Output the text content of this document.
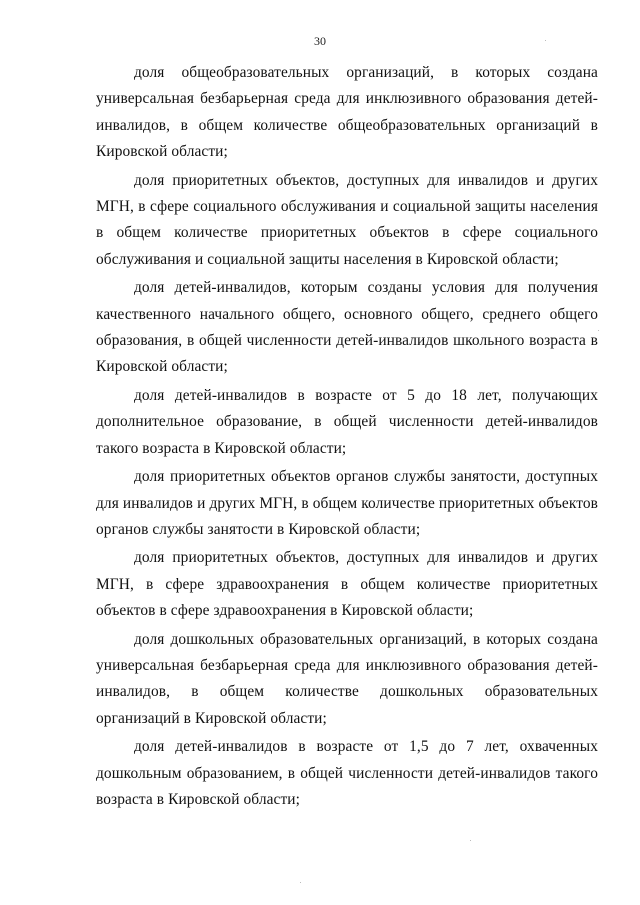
30

доля общеобразовательных организаций, в которых создана универсальная безбарьерная среда для инклюзивного образования детей-инвалидов, в общем количестве общеобразовательных организаций в Кировской области;

доля приоритетных объектов, доступных для инвалидов и других МГН, в сфере социального обслуживания и социальной защиты населения в общем количестве приоритетных объектов в сфере социального обслуживания и социальной защиты населения в Кировской области;

доля детей-инвалидов, которым созданы условия для получения качественного начального общего, основного общего, среднего общего образования, в общей численности детей-инвалидов школьного возраста в Кировской области;

доля детей-инвалидов в возрасте от 5 до 18 лет, получающих дополнительное образование, в общей численности детей-инвалидов такого возраста в Кировской области;

доля приоритетных объектов органов службы занятости, доступных для инвалидов и других МГН, в общем количестве приоритетных объектов органов службы занятости в Кировской области;

доля приоритетных объектов, доступных для инвалидов и других МГН, в сфере здравоохранения в общем количестве приоритетных объектов в сфере здравоохранения в Кировской области;

доля дошкольных образовательных организаций, в которых создана универсальная безбарьерная среда для инклюзивного образования детей-инвалидов, в общем количестве дошкольных образовательных организаций в Кировской области;

доля детей-инвалидов в возрасте от 1,5 до 7 лет, охваченных дошкольным образованием, в общей численности детей-инвалидов такого возраста в Кировской области;
